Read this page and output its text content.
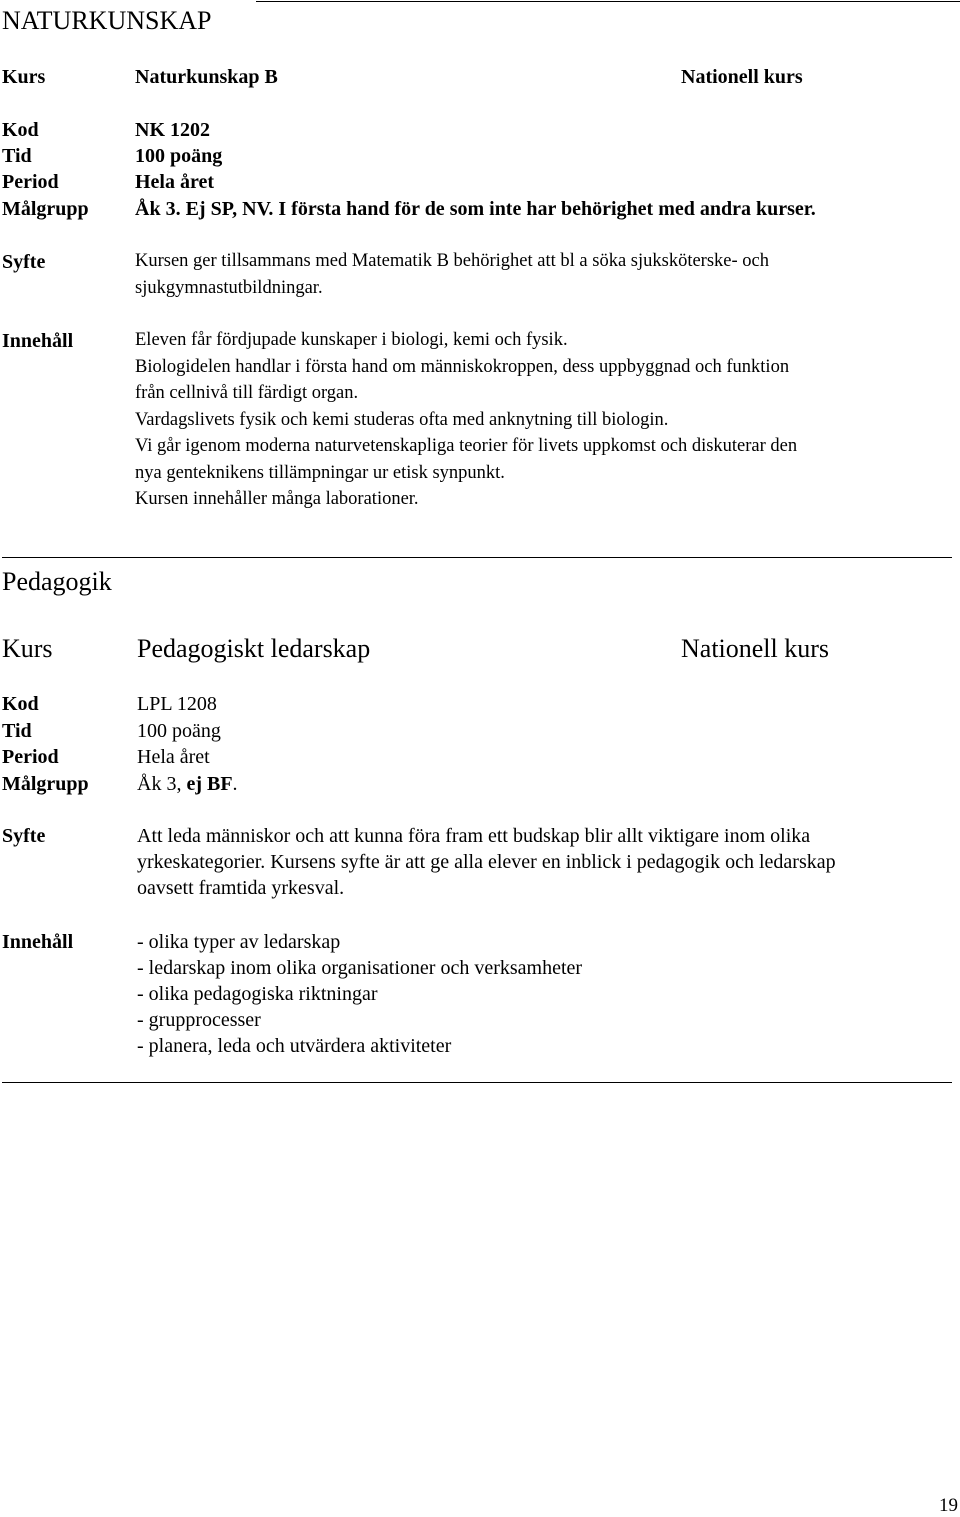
NATURKUNSKAP
Kurs	Naturkunskap B	Nationell kurs
Kod	NK 1202
Tid	100 poäng
Period	Hela året
Målgrupp Åk 3. Ej SP, NV. I första hand för de som inte har behörighet med andra kurser.
Syfte	Kursen ger tillsammans med Matematik B behörighet att bl a söka sjuksköterske- och
sjukgymnastutbildningar.
Innehåll	Eleven får fördjupade kunskaper i biologi, kemi och fysik.
Biologidelen handlar i första hand om människokroppen, dess uppbyggnad och funktion
från cellnivå till färdigt organ.
Vardagslivets fysik och kemi studeras ofta med anknytning till biologin.
Vi går igenom moderna naturvetenskapliga teorier för livets uppkomst och diskuterar den
nya genteknikens tillämpningar ur etisk synpunkt.
Kursen innehåller många laborationer.
Pedagogik
Kurs	Pedagogiskt ledarskap	Nationell kurs
Kod	LPL 1208
Tid	100 poäng
Period	Hela året
Målgrupp Åk 3, ej BF.
Syfte	Att leda människor och att kunna föra fram ett budskap blir allt viktigare inom olika
yrkeskategorier. Kursens syfte är att ge alla elever en inblick i pedagogik och ledarskap
oavsett framtida yrkesval.
Innehåll	- olika typer av ledarskap
- ledarskap inom olika organisationer och verksamheter
- olika pedagogiska riktningar
- grupprocesser
- planera, leda och utvärdera aktiviteter
19
